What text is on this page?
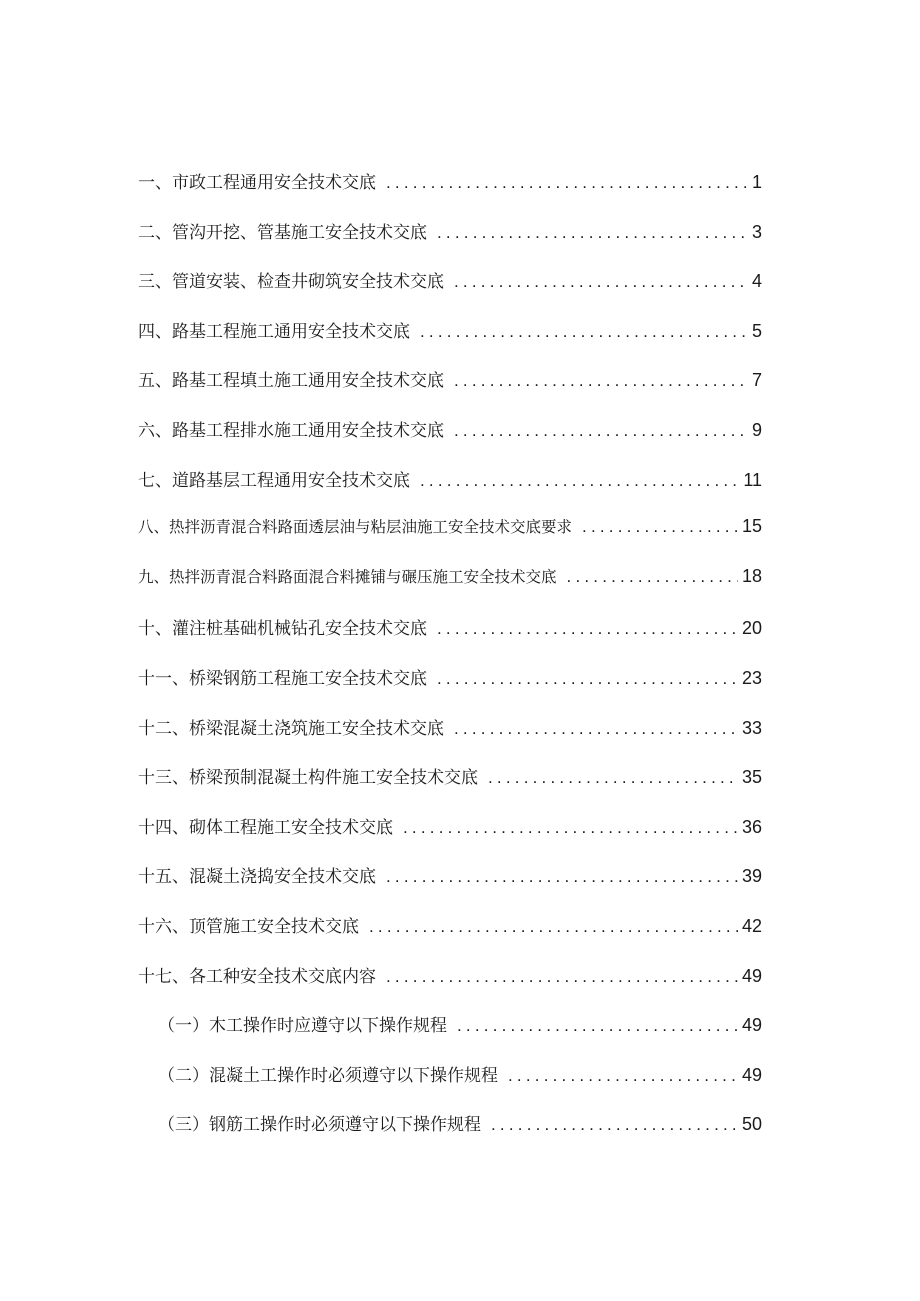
一、市政工程通用安全技术交底 .....	1
二、管沟开挖、管基施工安全技术交底 .....	3
三、管道安装、检查井砌筑安全技术交底 .....	4
四、路基工程施工通用安全技术交底 .....	5
五、路基工程填土施工通用安全技术交底 .....	7
六、路基工程排水施工通用安全技术交底 .....	9
七、道路基层工程通用安全技术交底 .....	11
八、热拌沥青混合料路面透层油与粘层油施工安全技术交底要求 .....	15
九、热拌沥青混合料路面混合料摊铺与碾压施工安全技术交底 .....	18
十、灌注桩基础机械钻孔安全技术交底 .....	20
十一、桥梁钢筋工程施工安全技术交底 .....	23
十二、桥梁混凝土浇筑施工安全技术交底 .....	33
十三、桥梁预制混凝土构件施工安全技术交底 .....	35
十四、砌体工程施工安全技术交底 .....	36
十五、混凝土浇捣安全技术交底 .....	39
十六、顶管施工安全技术交底 .....	42
十七、各工种安全技术交底内容 .....	49
（一）木工操作时应遵守以下操作规程 .....	49
（二）混凝土工操作时必须遵守以下操作规程 .....	49
（三）钢筋工操作时必须遵守以下操作规程 .....	50
